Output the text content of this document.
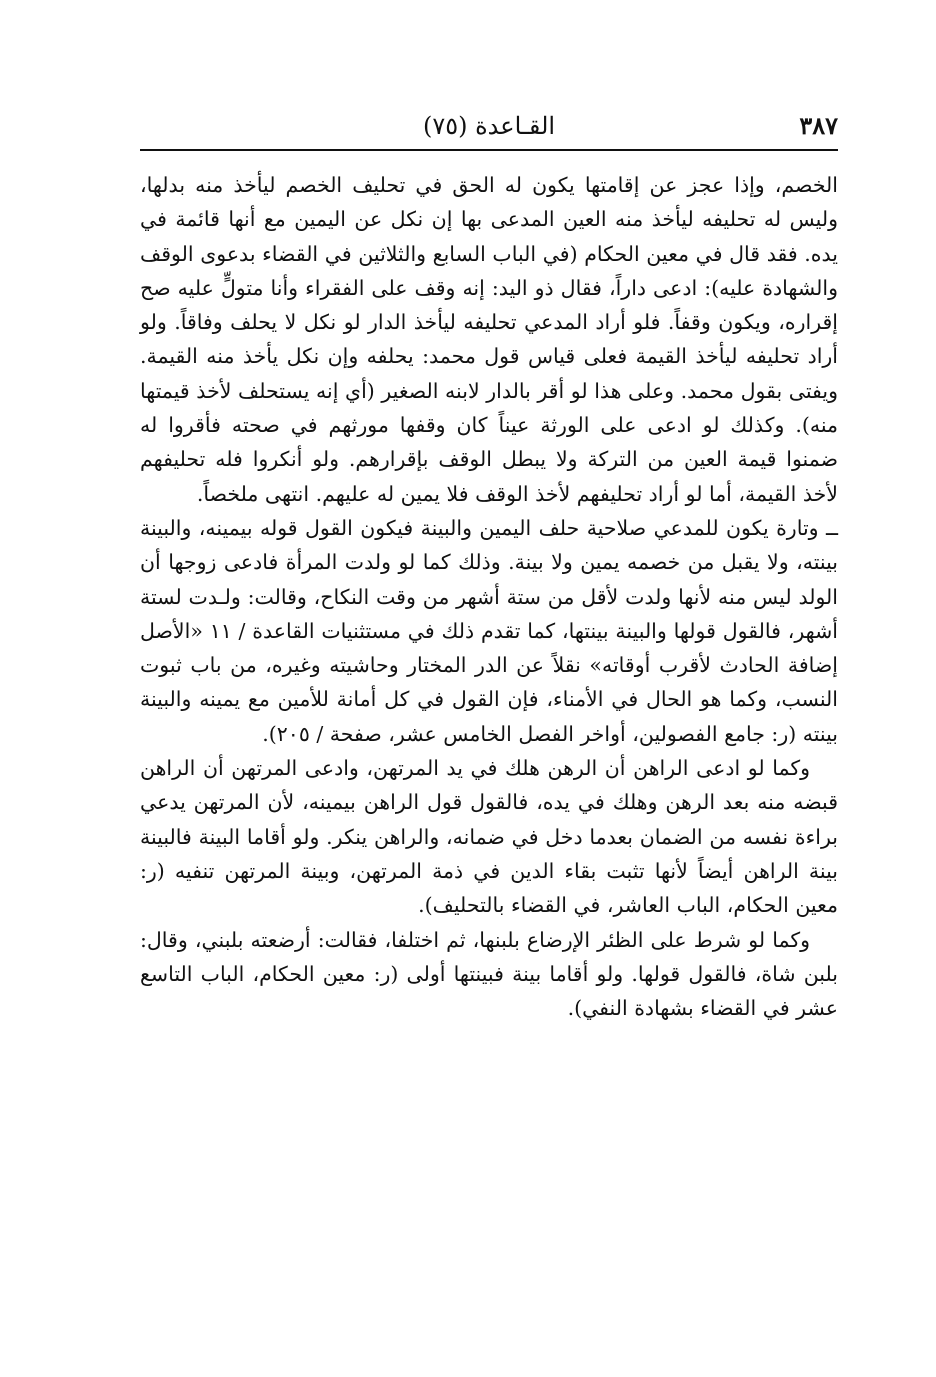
٣٨٧
القـاعدة (٧٥)

الخصم، وإذا عجز عن إقامتها يكون له الحق في تحليف الخصم ليأخذ منه بدلها، وليس له تحليفه ليأخذ منه العين المدعى بها إن نكل عن اليمين مع أنها قائمة في يده. فقد قال في معين الحكام (في الباب السابع والثلاثين في القضاء بدعوى الوقف والشهادة عليه): ادعى داراً، فقال ذو اليد: إنه وقف على الفقراء وأنا متولٍّ عليه صح إقراره، ويكون وقفاً. فلو أراد المدعي تحليفه ليأخذ الدار لو نكل لا يحلف وفاقاً. ولو أراد تحليفه ليأخذ القيمة فعلى قياس قول محمد: يحلفه وإن نكل يأخذ منه القيمة. ويفتى بقول محمد. وعلى هذا لو أقر بالدار لابنه الصغير (أي إنه يستحلف لأخذ قيمتها منه). وكذلك لو ادعى على الورثة عيناً كان وقفها مورثهم في صحته فأقروا له ضمنوا قيمة العين من التركة ولا يبطل الوقف بإقرارهم. ولو أنكروا فله تحليفهم لأخذ القيمة، أما لو أراد تحليفهم لأخذ الوقف فلا يمين له عليهم. انتهى ملخصاً.

ــ وتارة يكون للمدعي صلاحية حلف اليمين والبينة فيكون القول قوله بيمينه، والبينة بينته، ولا يقبل من خصمه يمين ولا بينة. وذلك كما لو ولدت المرأة فادعى زوجها أن الولد ليس منه لأنها ولدت لأقل من ستة أشهر من وقت النكاح، وقالت: ولـدت لستة أشهر، فالقول قولها والبينة بينتها، كما تقدم ذلك في مستثنيات القاعدة / ١١ «الأصل إضافة الحادث لأقرب أوقاته» نقلاً عن الدر المختار وحاشيته وغيره، من باب ثبوت النسب، وكما هو الحال في الأمناء، فإن القول في كل أمانة للأمين مع يمينه والبينة بينته (ر: جامع الفصولين، أواخر الفصل الخامس عشر، صفحة / ٢٠٥).

وكما لو ادعى الراهن أن الرهن هلك في يد المرتهن، وادعى المرتهن أن الراهن قبضه منه بعد الرهن وهلك في يده، فالقول قول الراهن بيمينه، لأن المرتهن يدعي براءة نفسه من الضمان بعدما دخل في ضمانه، والراهن ينكر. ولو أقاما البينة فالبينة بينة الراهن أيضاً لأنها تثبت بقاء الدين في ذمة المرتهن، وبينة المرتهن تنفيه (ر: معين الحكام، الباب العاشر، في القضاء بالتحليف).

وكما لو شرط على الظئر الإرضاع بلبنها، ثم اختلفا، فقالت: أرضعته بلبني، وقال: بلبن شاة، فالقول قولها. ولو أقاما بينة فبينتها أولى (ر: معين الحكام، الباب التاسع عشر في القضاء بشهادة النفي).
